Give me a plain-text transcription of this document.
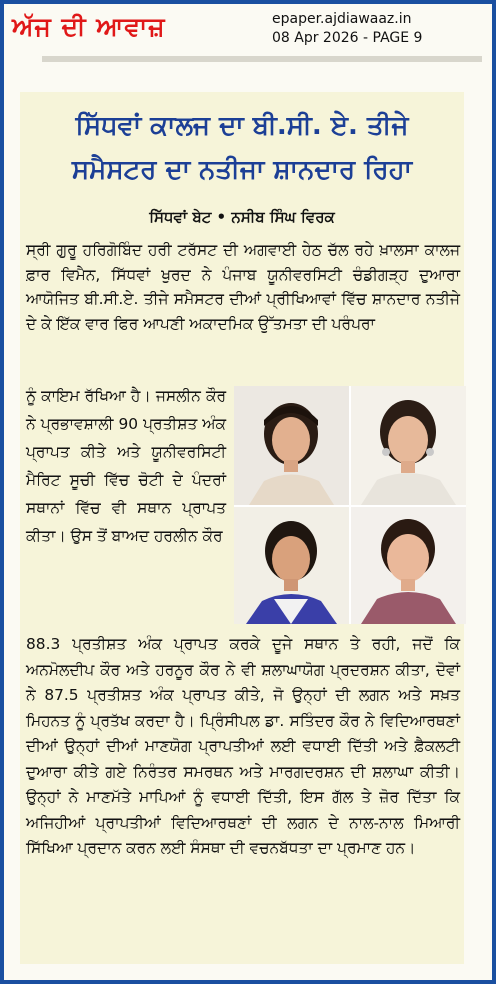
ਅੱਜ ਦੀ ਆਵਾਜ਼	epaper.ajdiawaaz.in
08 Apr 2026 - PAGE 9
ਸਿੱਧਵਾਂ ਕਾਲਜ ਦਾ ਬੀ.ਸੀ. ਏ. ਤੀਜੇ
ਸਮੈਸਟਰ ਦਾ ਨਤੀਜਾ ਸ਼ਾਨਦਾਰ ਰਿਹਾ
ਸਿੱਧਵਾਂ ਬੇਟ • ਨਸੀਬ ਸਿੰਘ ਵਿਰਕ

ਸ੍ਰੀ ਗੁਰੂ ਹਰਿਗੋਬਿੰਦ ਹਰੀ ਟਰੱਸਟ ਦੀ ਅਗਵਾਈ ਹੇਠ ਚੱਲ ਰਹੇ ਖ਼ਾਲਸਾ ਕਾਲਜ ਫ਼ਾਰ ਵਿਮੈਨ, ਸਿੱਧਵਾਂ ਖੁਰਦ ਨੇ ਪੰਜਾਬ ਯੂਨੀਵਰਸਿਟੀ ਚੰਡੀਗੜ੍ਹ ਦੁਆਰਾ ਆਯੋਜਿਤ ਬੀ.ਸੀ.ਏ. ਤੀਜੇ ਸਮੈਸਟਰ ਦੀਆਂ ਪ੍ਰੀਖਿਆਵਾਂ ਵਿੱਚ ਸ਼ਾਨਦਾਰ ਨਤੀਜੇ ਦੇ ਕੇ ਇੱਕ ਵਾਰ ਫਿਰ ਆਪਣੀ ਅਕਾਦਮਿਕ ਉੱਤਮਤਾ ਦੀ ਪਰੰਪਰਾ

ਨੂੰ ਕਾਇਮ ਰੱਖਿਆ ਹੈ। ਜਸਲੀਨ ਕੌਰ ਨੇ ਪ੍ਰਭਾਵਸ਼ਾਲੀ 90 ਪ੍ਰਤੀਸ਼ਤ ਅੰਕ ਪ੍ਰਾਪਤ ਕੀਤੇ ਅਤੇ ਯੂਨੀਵਰਸਿਟੀ ਮੈਰਿਟ ਸੂਚੀ ਵਿੱਚ ਚੋਟੀ ਦੇ ਪੰਦਰਾਂ ਸਥਾਨਾਂ ਵਿੱਚ ਵੀ ਸਥਾਨ ਪ੍ਰਾਪਤ ਕੀਤਾ। ਉਸ ਤੋਂ ਬਾਅਦ ਹਰਲੀਨ ਕੌਰ

88.3 ਪ੍ਰਤੀਸ਼ਤ ਅੰਕ ਪ੍ਰਾਪਤ ਕਰਕੇ ਦੂਜੇ ਸਥਾਨ ਤੇ ਰਹੀ, ਜਦੋਂ ਕਿ ਅਨਮੋਲਦੀਪ ਕੌਰ ਅਤੇ ਹਰਨੂਰ ਕੌਰ ਨੇ ਵੀ ਸ਼ਲਾਘਾਯੋਗ ਪ੍ਰਦਰਸ਼ਨ ਕੀਤਾ, ਦੋਵਾਂ ਨੇ 87.5 ਪ੍ਰਤੀਸ਼ਤ ਅੰਕ ਪ੍ਰਾਪਤ ਕੀਤੇ, ਜੋ ਉਨ੍ਹਾਂ ਦੀ ਲਗਨ ਅਤੇ ਸਖ਼ਤ ਮਿਹਨਤ ਨੂੰ ਪ੍ਰਤੱਖ ਕਰਦਾ ਹੈ। ਪ੍ਰਿੰਸੀਪਲ ਡਾ. ਸਤਿੰਦਰ ਕੌਰ ਨੇ ਵਿਦਿਆਰਥਣਾਂ ਦੀਆਂ ਉਨ੍ਹਾਂ ਦੀਆਂ ਮਾਣਯੋਗ ਪ੍ਰਾਪਤੀਆਂ ਲਈ ਵਧਾਈ ਦਿੱਤੀ ਅਤੇ ਫ਼ੈਕਲਟੀ ਦੁਆਰਾ ਕੀਤੇ ਗਏ ਨਿਰੰਤਰ ਸਮਰਥਨ ਅਤੇ ਮਾਰਗਦਰਸ਼ਨ ਦੀ ਸ਼ਲਾਘਾ ਕੀਤੀ। ਉਨ੍ਹਾਂ ਨੇ ਮਾਣਮੱਤੇ ਮਾਪਿਆਂ ਨੂੰ ਵਧਾਈ ਦਿੱਤੀ, ਇਸ ਗੱਲ ਤੇ ਜ਼ੋਰ ਦਿੱਤਾ ਕਿ ਅਜਿਹੀਆਂ ਪ੍ਰਾਪਤੀਆਂ ਵਿਦਿਆਰਥਣਾਂ ਦੀ ਲਗਨ ਦੇ ਨਾਲ-ਨਾਲ ਮਿਆਰੀ ਸਿੱਖਿਆ ਪ੍ਰਦਾਨ ਕਰਨ ਲਈ ਸੰਸਥਾ ਦੀ ਵਚਨਬੱਧਤਾ ਦਾ ਪ੍ਰਮਾਣ ਹਨ।
